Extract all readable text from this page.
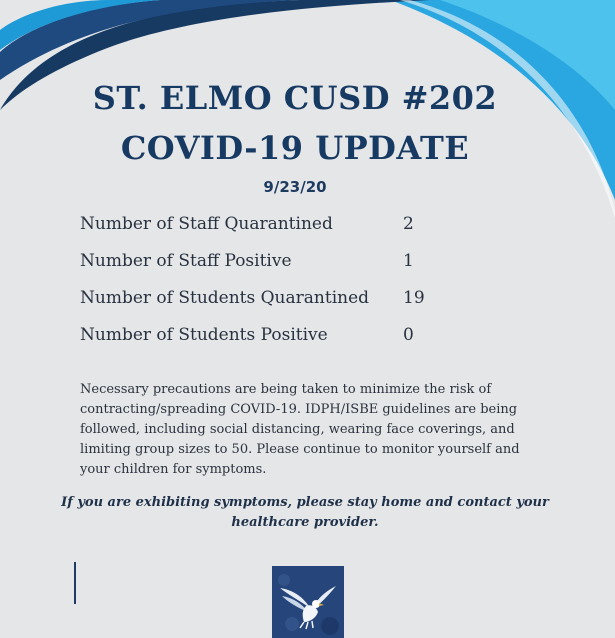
ST. ELMO CUSD #202
COVID-19 UPDATE
9/23/20
Number of Staff Quarantined	2
Number of Staff Positive	1
Number of Students Quarantined 19
Number of Students Positive	0

Necessary precautions are being taken to minimize the risk of contracting/spreading COVID-19. IDPH/ISBE guidelines are being followed, including social distancing, wearing face coverings, and limiting group sizes to 50. Please continue to monitor yourself and your children for symptoms.

If you are exhibiting symptoms, please stay home and contact your healthcare provider.
